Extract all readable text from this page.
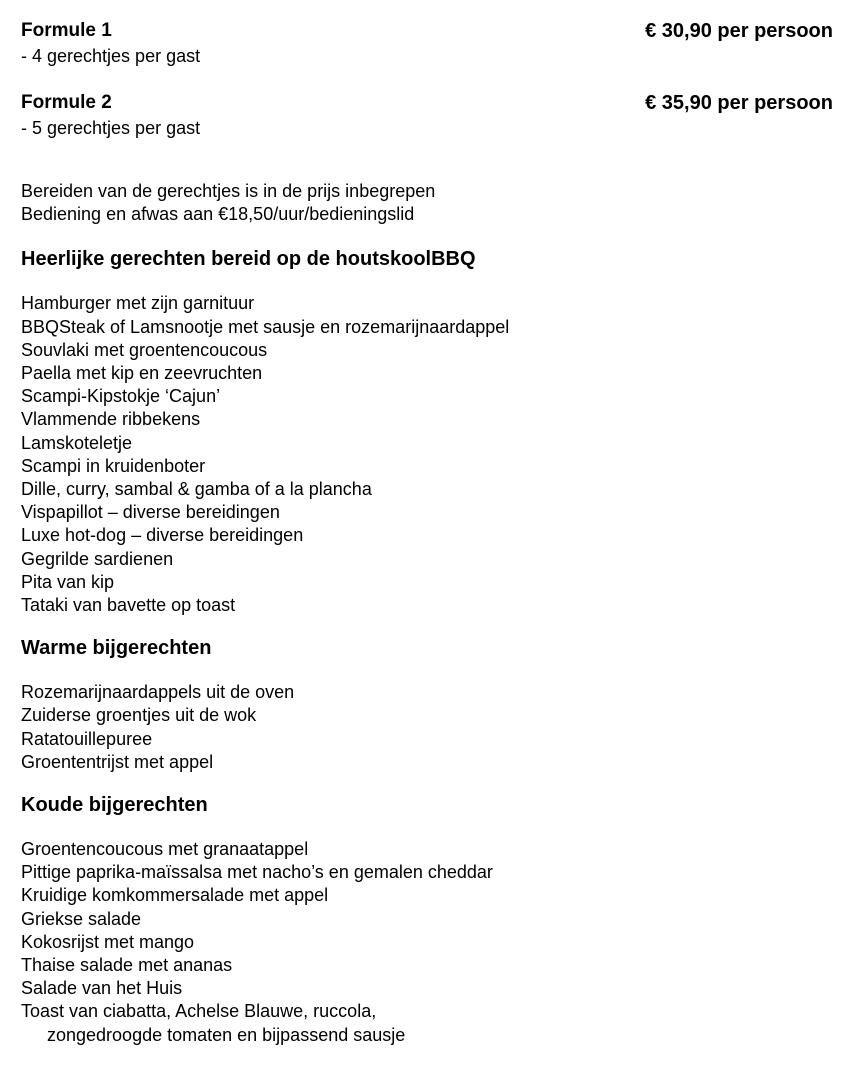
Formule 1

- 4 gerechtjes per gast

€ 30,90 per persoon

Formule 2

- 5 gerechtjes per gast

€ 35,90 per persoon
Bereiden van de gerechtjes is in de prijs inbegrepen
Bediening en afwas aan €18,50/uur/bedieningslid
Heerlijke gerechten bereid op de houtskoolBBQ
Hamburger met zijn garnituur
BBQSteak of Lamsnootje met sausje en rozemarijnaardappel
Souvlaki met groentencoucous
Paella met kip en zeevruchten
Scampi-Kipstokje ‘Cajun’
Vlammende ribbekens
Lamskoteletje
Scampi in kruidenboter
Dille, curry, sambal & gamba of a la plancha
Vispapillot – diverse bereidingen
Luxe hot-dog – diverse bereidingen
Gegrilde sardienen
Pita van kip
Tataki van bavette op toast
Warme bijgerechten
Rozemarijnaardappels uit de oven
Zuiderse groentjes uit de wok
Ratatouillepuree
Groententrijst met appel
Koude bijgerechten
Groentencoucous met granaatappel
Pittige paprika-maïssalsa met nacho’s en gemalen cheddar
Kruidige komkommersalade met appel
Griekse salade
Kokosrijst met mango
Thaise salade met ananas
Salade van het Huis
Toast van ciabatta, Achelse Blauwe, ruccola,
zongedroogde tomaten en bijpassend sausje
